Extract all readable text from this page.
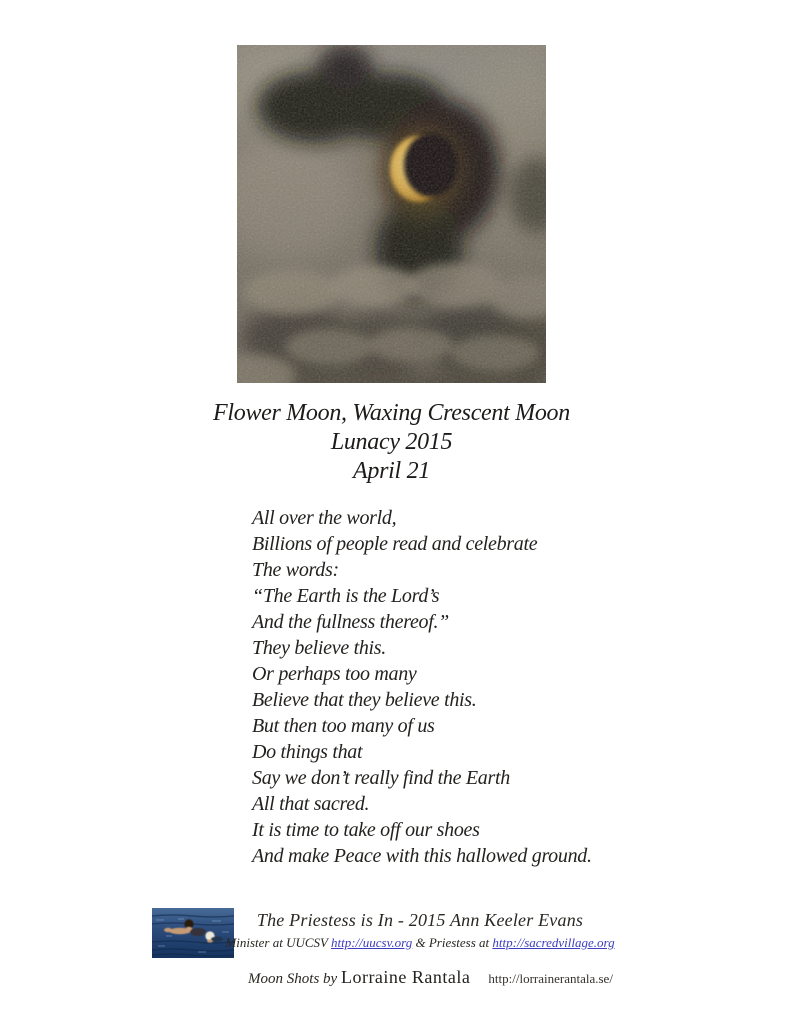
Flower Moon, Waxing Crescent Moon
Lunacy 2015
April 21
All over the world,
Billions of people read and celebrate
The words:
“The Earth is the Lord’s
And the fullness thereof.”
They believe this.
Or perhaps too many
Believe that they believe this.
But then too many of us
Do things that
Say we don’t really find the Earth
All that sacred.
It is time to take off our shoes
And make Peace with this hallowed ground.
The Priestess is In - 2015 Ann Keeler Evans
Minister at UUCSV http://uucsv.org & Priestess at http://sacredvillage.org
Moon Shots by Lorraine Rantala http://lorrainerantala.se/
